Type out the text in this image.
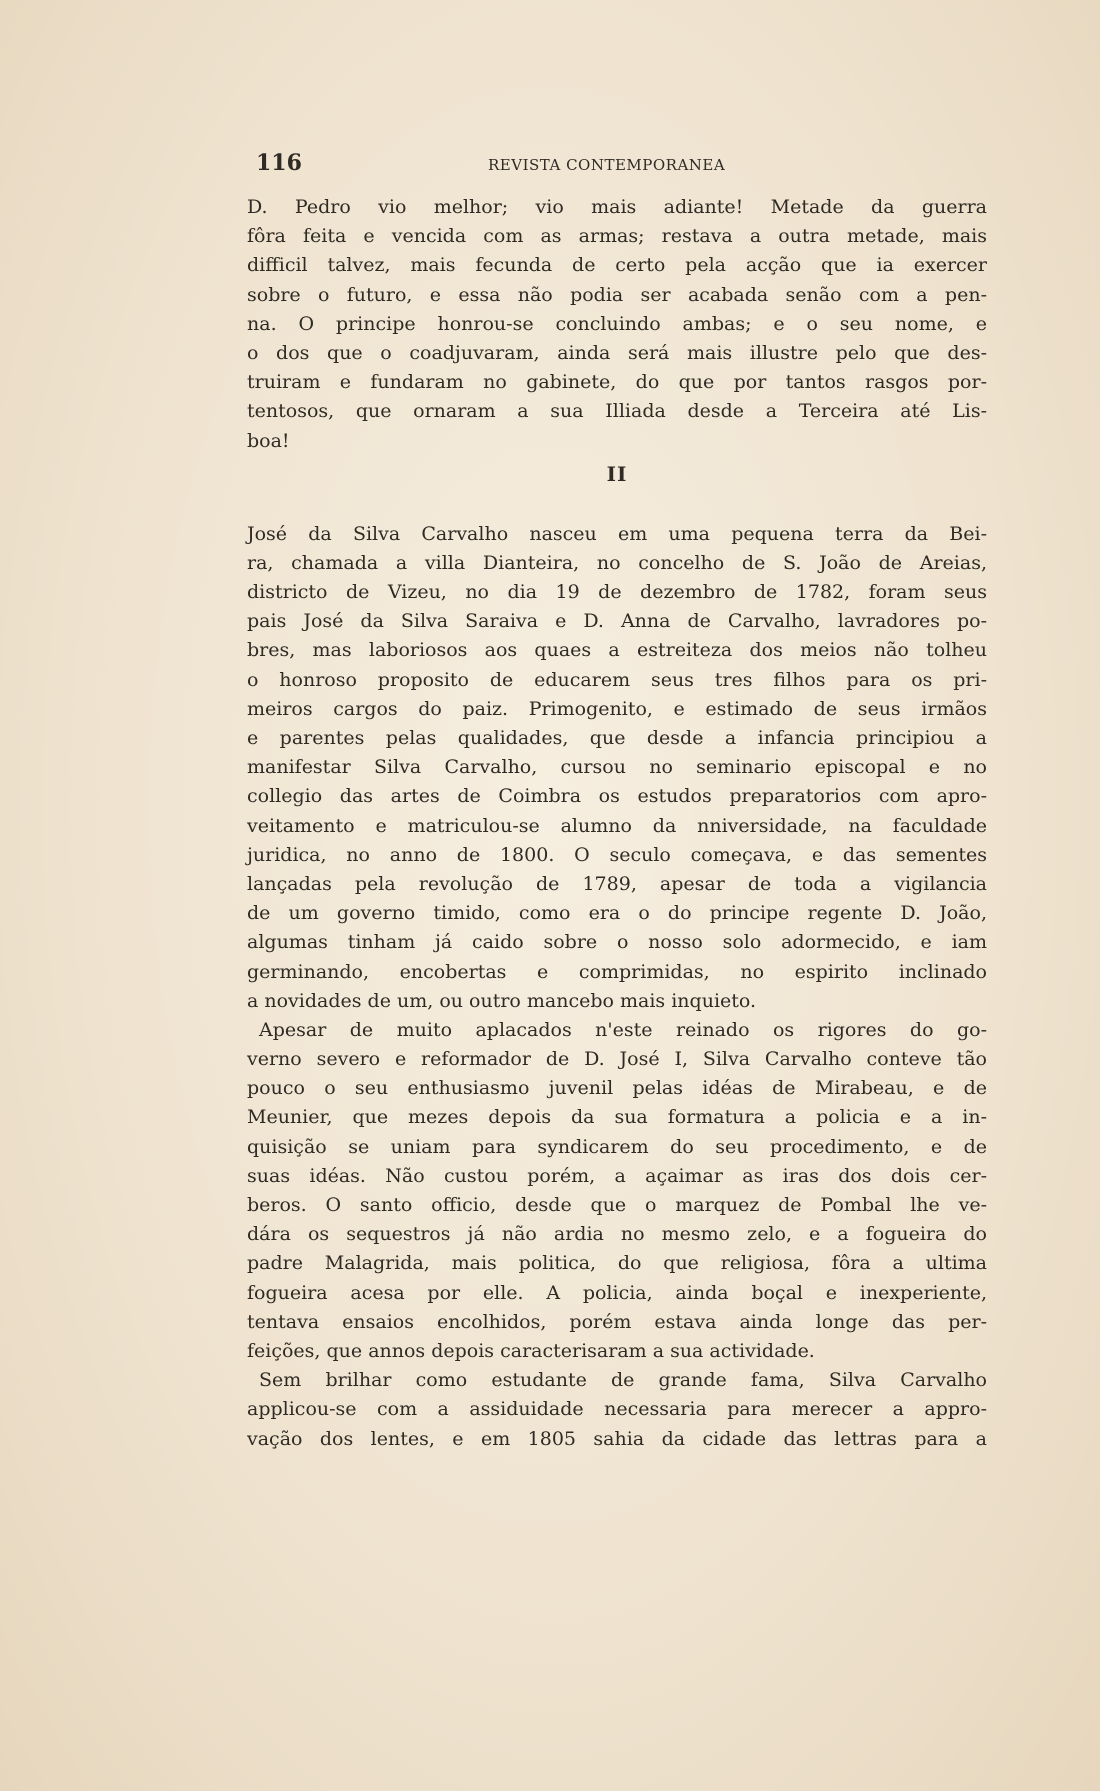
116	REVISTA CONTEMPORANEA
D. Pedro vio melhor; vio mais adiante! Metade da guerra
fôra feita e vencida com as armas; restava a outra metade, mais
difficil talvez, mais fecunda de certo pela acção que ia exercer
sobre o futuro, e essa não podia ser acabada senão com a pen-
na. O principe honrou-se concluindo ambas; e o seu nome, e
o dos que o coadjuvaram, ainda será mais illustre pelo que des-
truiram e fundaram no gabinete, do que por tantos rasgos por-
tentosos, que ornaram a sua Illiada desde a Terceira até Lis-
boa!
II
José da Silva Carvalho nasceu em uma pequena terra da Bei-
ra, chamada a villa Dianteira, no concelho de S. João de Areias,
districto de Vizeu, no dia 19 de dezembro de 1782, foram seus
pais José da Silva Saraiva e D. Anna de Carvalho, lavradores po-
bres, mas laboriosos aos quaes a estreiteza dos meios não tolheu
o honroso proposito de educarem seus tres filhos para os pri-
meiros cargos do paiz. Primogenito, e estimado de seus irmãos
e parentes pelas qualidades, que desde a infancia principiou a
manifestar Silva Carvalho, cursou no seminario episcopal e no
collegio das artes de Coimbra os estudos preparatorios com apro-
veitamento e matriculou-se alumno da nniversidade, na faculdade
juridica, no anno de 1800. O seculo começava, e das sementes
lançadas pela revolução de 1789, apesar de toda a vigilancia
de um governo timido, como era o do principe regente D. João,
algumas tinham já caido sobre o nosso solo adormecido, e iam
germinando, encobertas e comprimidas, no espirito inclinado
a novidades de um, ou outro mancebo mais inquieto.
Apesar de muito aplacados n'este reinado os rigores do go-
verno severo e reformador de D. José I, Silva Carvalho conteve tão
pouco o seu enthusiasmo juvenil pelas idéas de Mirabeau, e de
Meunier, que mezes depois da sua formatura a policia e a in-
quisição se uniam para syndicarem do seu procedimento, e de
suas idéas. Não custou porém, a açaimar as iras dos dois cer-
beros. O santo officio, desde que o marquez de Pombal lhe ve-
dára os sequestros já não ardia no mesmo zelo, e a fogueira do
padre Malagrida, mais politica, do que religiosa, fôra a ultima
fogueira acesa por elle. A policia, ainda boçal e inexperiente,
tentava ensaios encolhidos, porém estava ainda longe das per-
feições, que annos depois caracterisaram a sua actividade.
Sem brilhar como estudante de grande fama, Silva Carvalho
applicou-se com a assiduidade necessaria para merecer a appro-
vação dos lentes, e em 1805 sahia da cidade das lettras para a
